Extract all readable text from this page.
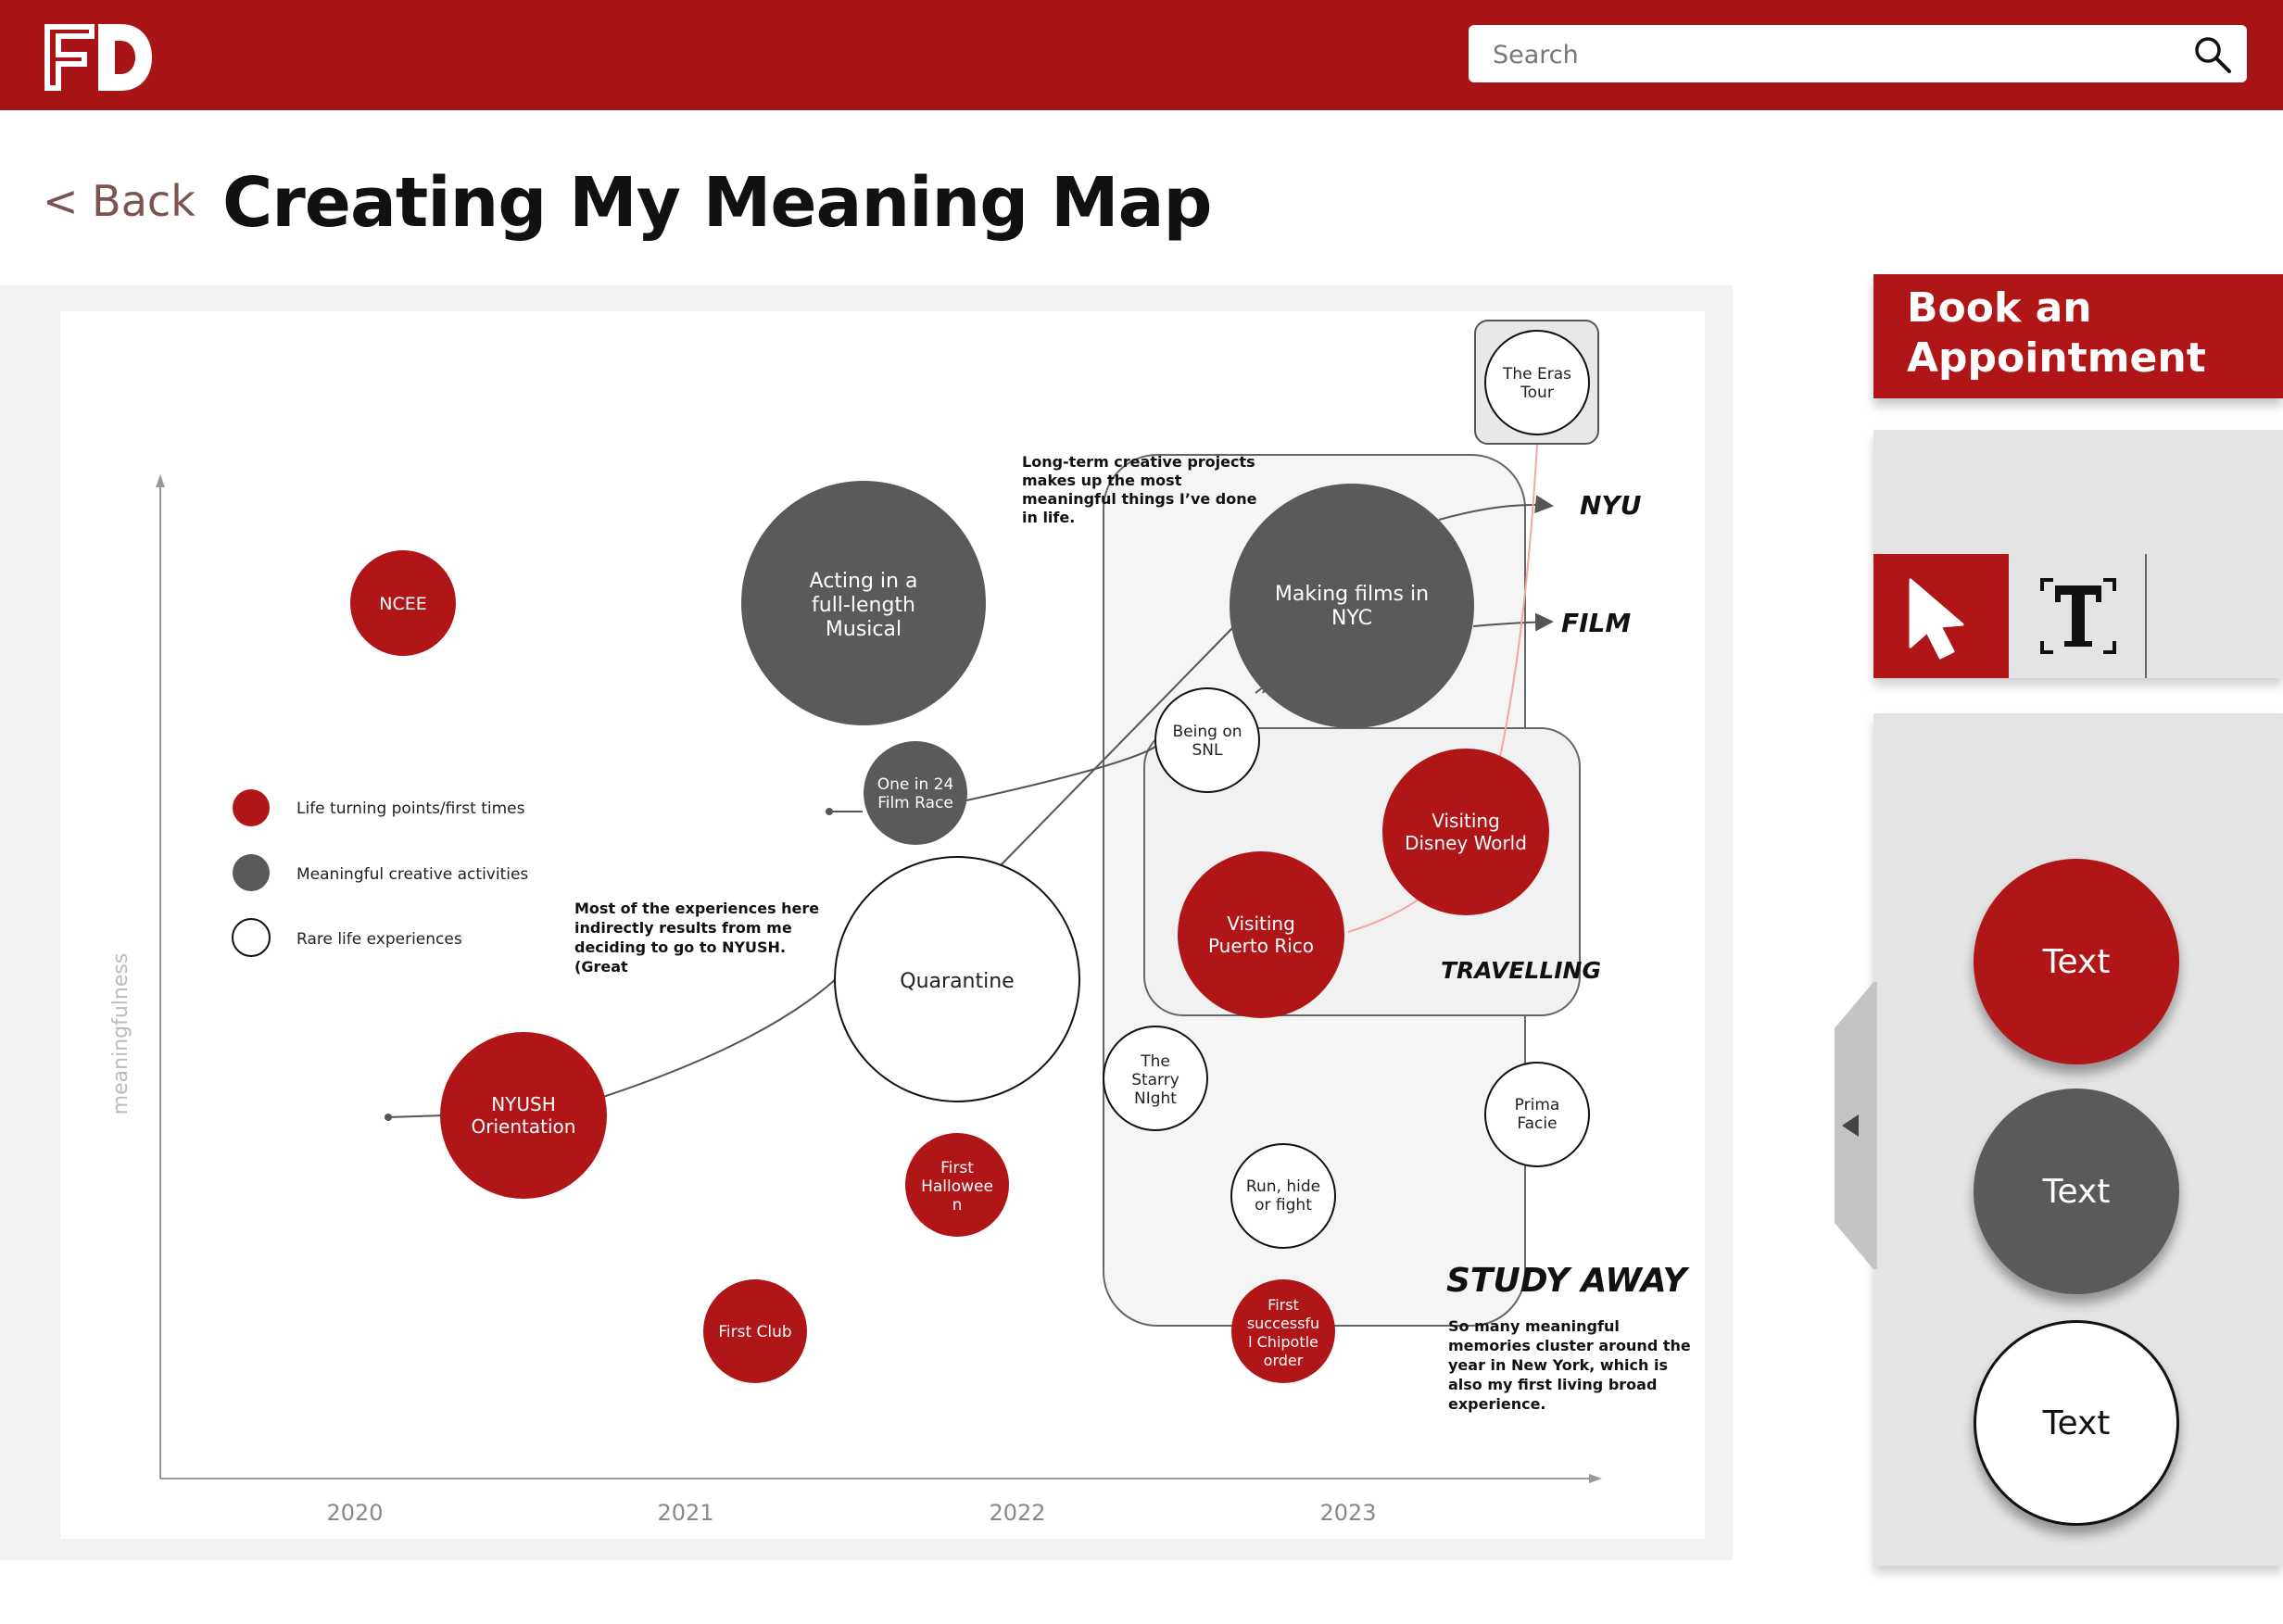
Search
< Back Creating My Meaning Map
meaningfulness
2020	2021	2022	2023
NCEE
Acting in a full-length Musical
Making films in NYC
The Eras Tour
Being on SNL
One in 24 Film Race
Quarantine
Visiting Disney World
Visiting Puerto Rico
NYUSH Orientation
The Starry NIght	Prima Facie
First Hallowee n
Run, hide or fight
First Club
First successfu l Chipotle order
Life turning points/first times
Meaningful creative activities
Rare life experiences
Long-term creative projects makes up the most meaningful things I’ve done in life.
Most of the experiences here indirectly results from me deciding to go to NYUSH. (Great
So many meaningful memories cluster around the year in New York, which is also my first living broad experience.
NYU
FILM
TRAVELLING
STUDY AWAY
Book an Appointment
Text
Text
Text
